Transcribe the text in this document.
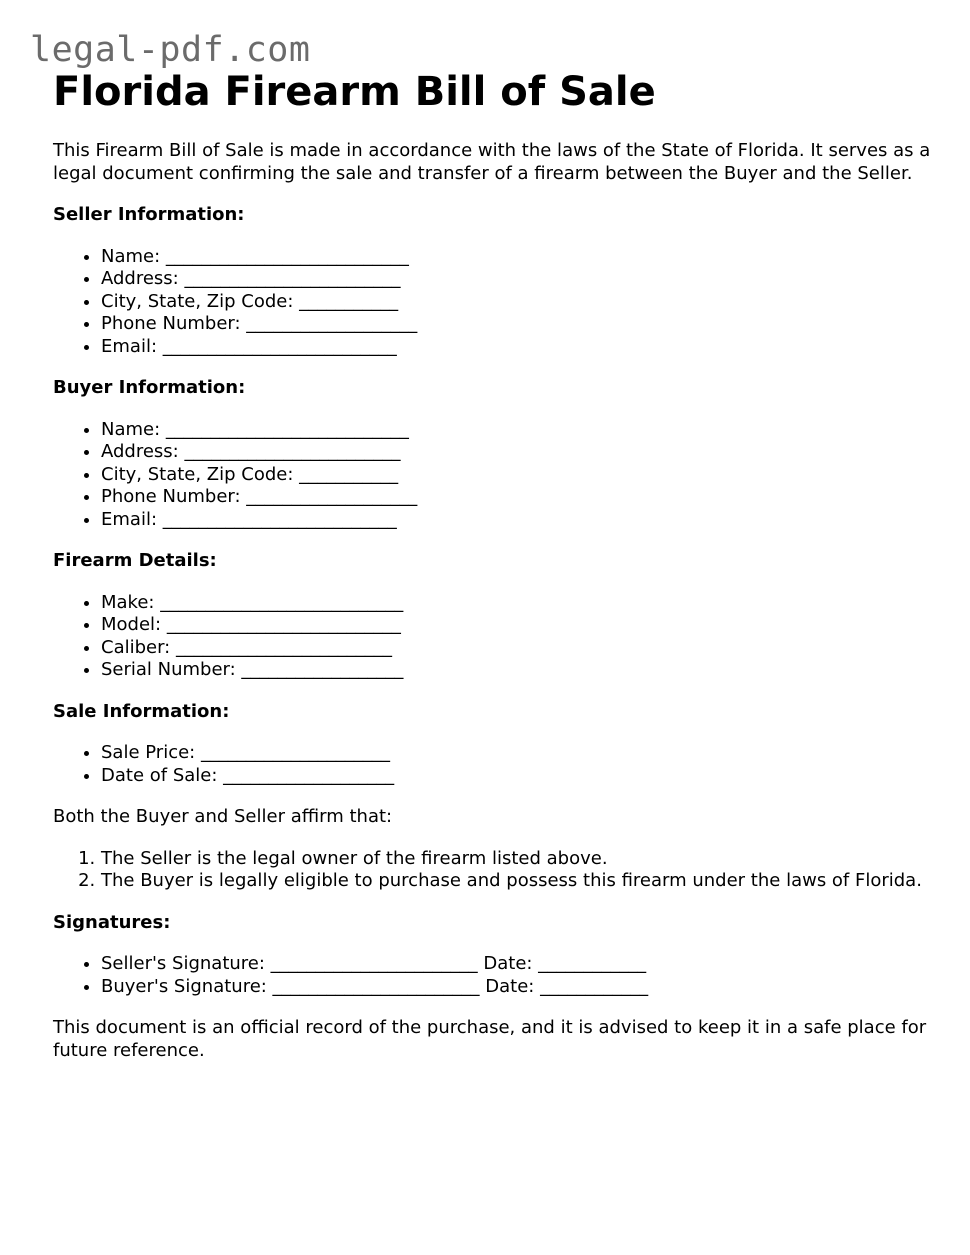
legal-pdf.com
Florida Firearm Bill of Sale

This Firearm Bill of Sale is made in accordance with the laws of the State of Florida. It serves as a legal document confirming the sale and transfer of a firearm between the Buyer and the Seller.

Seller Information:
• Name: ___________________________
• Address: ________________________
• City, State, Zip Code: ___________
• Phone Number: ___________________
• Email: __________________________
Buyer Information:
• Name: ___________________________
• Address: ________________________
• City, State, Zip Code: ___________
• Phone Number: ___________________
• Email: __________________________
Firearm Details:
• Make: ___________________________
• Model: __________________________
• Caliber: ________________________
• Serial Number: __________________
Sale Information:
• Sale Price: _____________________
• Date of Sale: ___________________

Both the Buyer and Seller affirm that:

1. The Seller is the legal owner of the firearm listed above.
2. The Buyer is legally eligible to purchase and possess this firearm under the laws of Florida.
Signatures:
• Seller's Signature: _______________________ Date: ____________
• Buyer's Signature: _______________________ Date: ____________

This document is an official record of the purchase, and it is advised to keep it in a safe place for future reference.
